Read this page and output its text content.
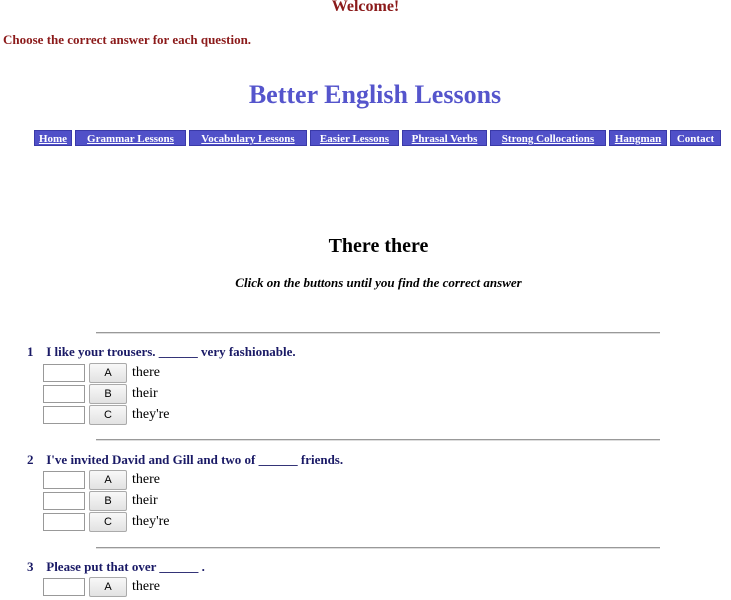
Welcome!
Choose the correct answer for each question.
Better English Lessons
Home	Grammar Lessons	Vocabulary Lessons	Easier Lessons	Phrasal Verbs	Strong Collocations	Hangman	Contact
There there
Click on the buttons until you find the correct answer
1 I like your trousers. ______ very fashionable.
A	there
B	their
C	they're
2 I've invited David and Gill and two of ______ friends.
A	there
B	their
C	they're
3 Please put that over ______ .
A	there
